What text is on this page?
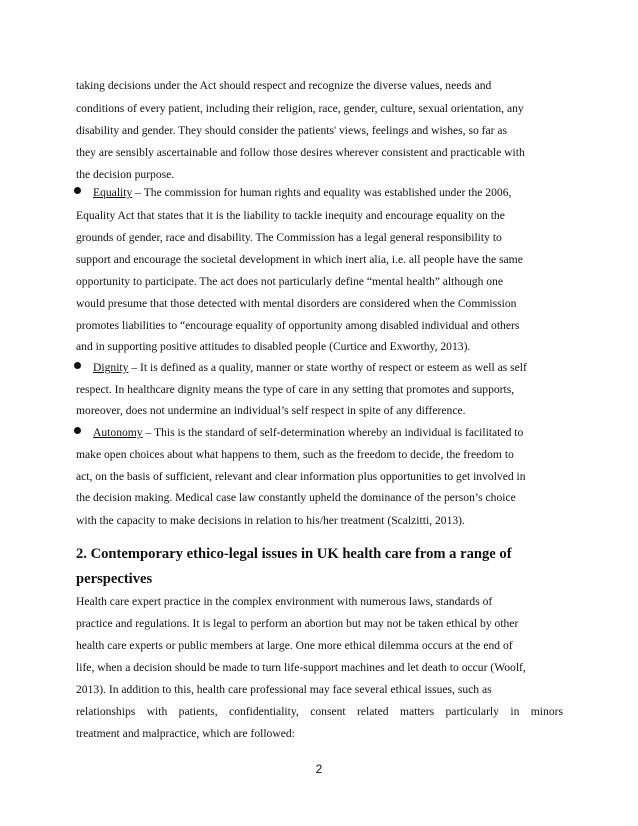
taking decisions under the Act should respect and recognize the diverse values, needs and
conditions of every patient, including their religion, race, gender, culture, sexual orientation, any
disability and gender. They should consider the patients' views, feelings and wishes, so far as
they are sensibly ascertainable and follow those desires wherever consistent and practicable with
the decision purpose.
Equality – The commission for human rights and equality was established under the 2006,
Equality Act that states that it is the liability to tackle inequity and encourage equality on the
grounds of gender, race and disability. The Commission has a legal general responsibility to
support and encourage the societal development in which inert alia, i.e. all people have the same
opportunity to participate. The act does not particularly define “mental health” although one
would presume that those detected with mental disorders are considered when the Commission
promotes liabilities to “encourage equality of opportunity among disabled individual and others
and in supporting positive attitudes to disabled people (Curtice and Exworthy, 2013).
Dignity – It is defined as a quality, manner or state worthy of respect or esteem as well as self
respect. In healthcare dignity means the type of care in any setting that promotes and supports,
moreover, does not undermine an individual’s self respect in spite of any difference.
Autonomy – This is the standard of self-determination whereby an individual is facilitated to
make open choices about what happens to them, such as the freedom to decide, the freedom to
act, on the basis of sufficient, relevant and clear information plus opportunities to get involved in
the decision making. Medical case law constantly upheld the dominance of the person’s choice
with the capacity to make decisions in relation to his/her treatment (Scalzitti, 2013).
2. Contemporary ethico-legal issues in UK health care from a range of
perspectives
Health care expert practice in the complex environment with numerous laws, standards of
practice and regulations. It is legal to perform an abortion but may not be taken ethical by other
health care experts or public members at large. One more ethical dilemma occurs at the end of
life, when a decision should be made to turn life-support machines and let death to occur (Woolf,
2013). In addition to this, health care professional may face several ethical issues, such as
relationships with patients, confidentiality, consent related matters particularly in minors
treatment and malpractice, which are followed:
2
